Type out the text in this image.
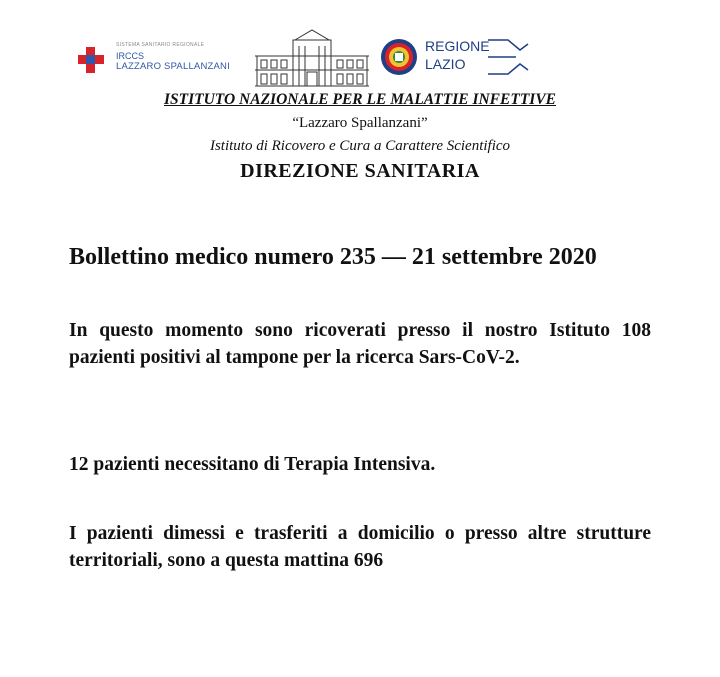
SISTEMA SANITARIO REGIONALE
IRCCS
LAZZARO SPALLANZANI
REGIONE
LAZIO
ISTITUTO NAZIONALE PER LE MALATTIE INFETTIVE
“Lazzaro Spallanzani”
Istituto di Ricovero e Cura a Carattere Scientifico
DIREZIONE SANITARIA
Bollettino medico numero 235 — 21 settembre 2020
In questo momento sono ricoverati presso il nostro Istituto 108 pazienti positivi al tampone per la ricerca Sars-CoV-2.
12 pazienti necessitano di Terapia Intensiva.
I pazienti dimessi e trasferiti a domicilio o presso altre strutture territoriali, sono a questa mattina 696
